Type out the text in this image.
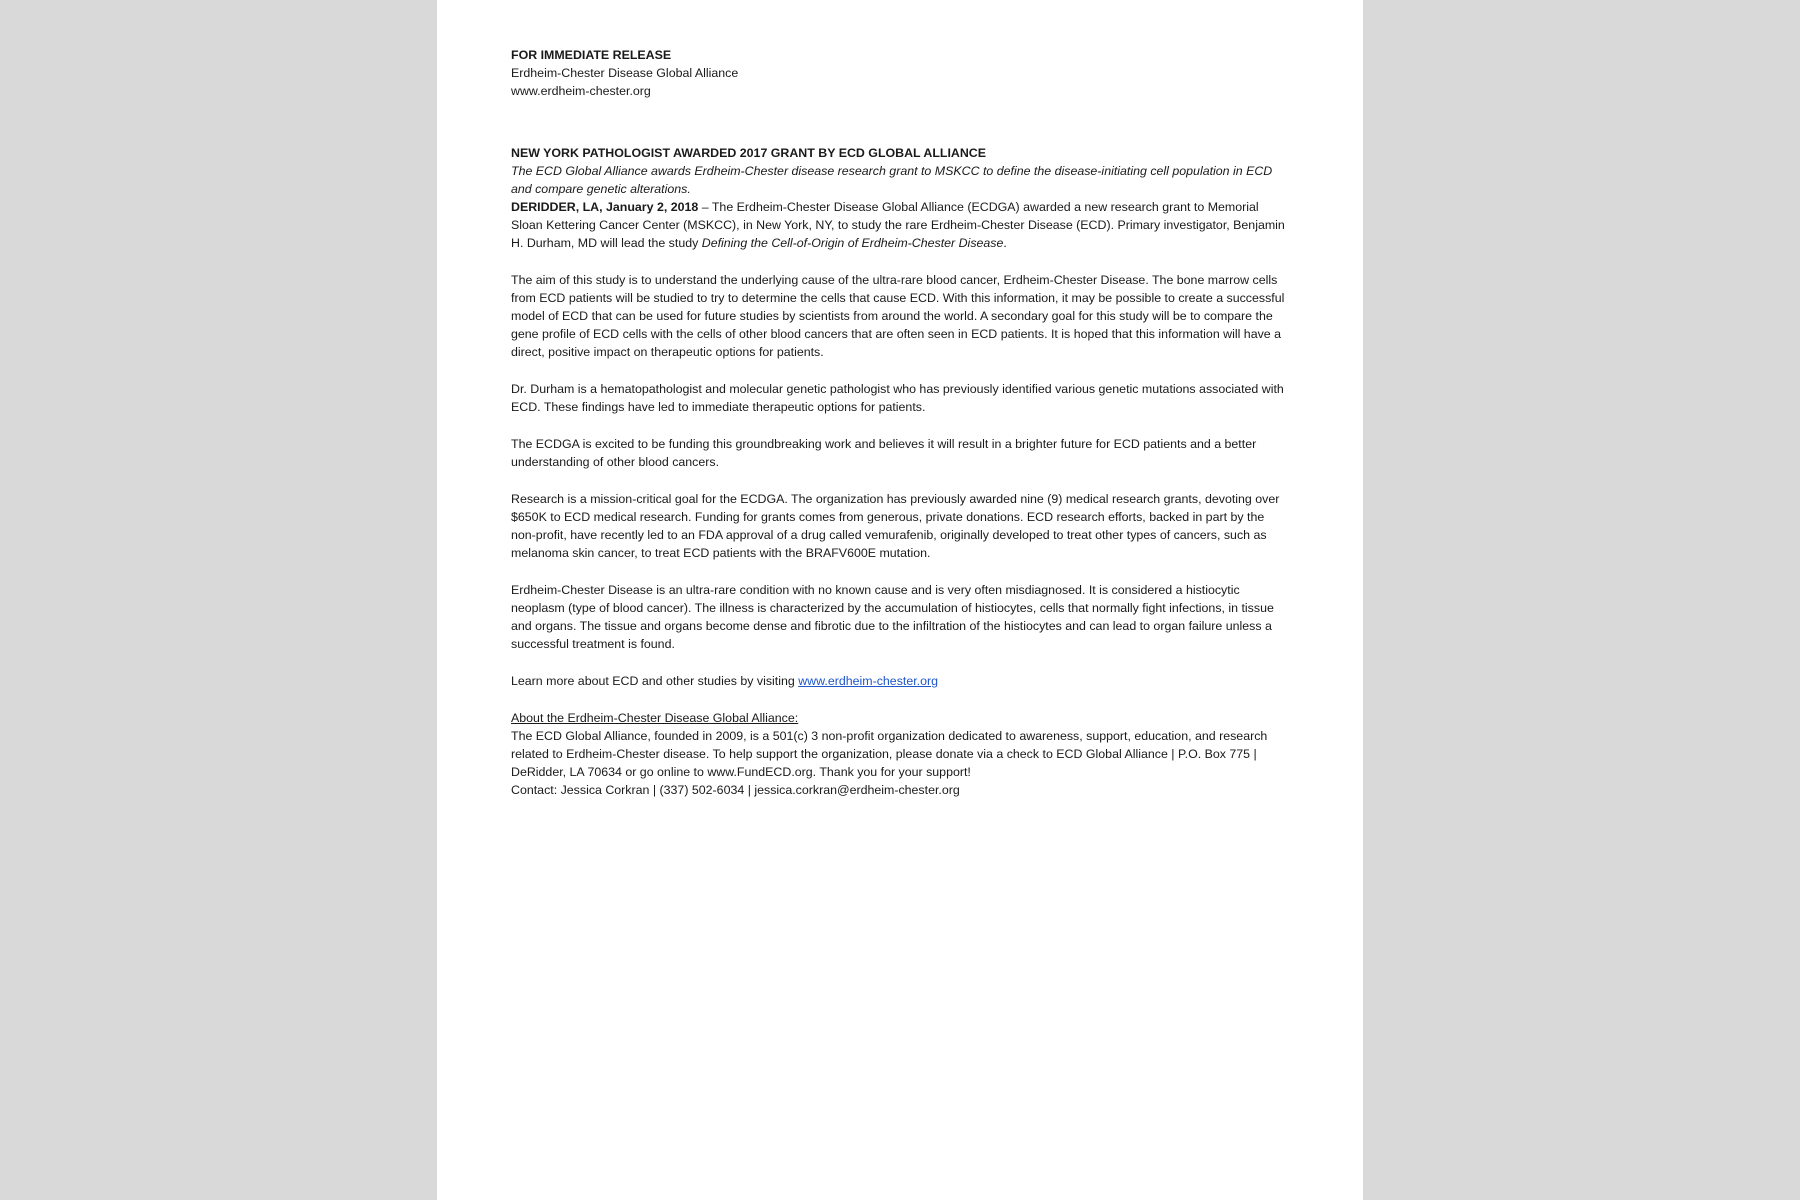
FOR IMMEDIATE RELEASE

Erdheim-Chester Disease Global Alliance

www.erdheim-chester.org

NEW YORK PATHOLOGIST AWARDED 2017 GRANT BY ECD GLOBAL ALLIANCE

The ECD Global Alliance awards Erdheim-Chester disease research grant to MSKCC to define the disease-initiating cell population in ECD and compare genetic alterations.

DERIDDER, LA, January 2, 2018 – The Erdheim-Chester Disease Global Alliance (ECDGA) awarded a new research grant to Memorial Sloan Kettering Cancer Center (MSKCC), in New York, NY, to study the rare Erdheim-Chester Disease (ECD). Primary investigator, Benjamin H. Durham, MD will lead the study Defining the Cell-of-Origin of Erdheim-Chester Disease.

The aim of this study is to understand the underlying cause of the ultra-rare blood cancer, Erdheim-Chester Disease. The bone marrow cells from ECD patients will be studied to try to determine the cells that cause ECD. With this information, it may be possible to create a successful model of ECD that can be used for future studies by scientists from around the world. A secondary goal for this study will be to compare the gene profile of ECD cells with the cells of other blood cancers that are often seen in ECD patients. It is hoped that this information will have a direct, positive impact on therapeutic options for patients.

Dr. Durham is a hematopathologist and molecular genetic pathologist who has previously identified various genetic mutations associated with ECD. These findings have led to immediate therapeutic options for patients.

The ECDGA is excited to be funding this groundbreaking work and believes it will result in a brighter future for ECD patients and a better understanding of other blood cancers.

Research is a mission-critical goal for the ECDGA. The organization has previously awarded nine (9) medical research grants, devoting over $650K to ECD medical research. Funding for grants comes from generous, private donations. ECD research efforts, backed in part by the non-profit, have recently led to an FDA approval of a drug called vemurafenib, originally developed to treat other types of cancers, such as melanoma skin cancer, to treat ECD patients with the BRAFV600E mutation.

Erdheim-Chester Disease is an ultra-rare condition with no known cause and is very often misdiagnosed. It is considered a histiocytic neoplasm (type of blood cancer). The illness is characterized by the accumulation of histiocytes, cells that normally fight infections, in tissue and organs. The tissue and organs become dense and fibrotic due to the infiltration of the histiocytes and can lead to organ failure unless a successful treatment is found.

Learn more about ECD and other studies by visiting www.erdheim-chester.org

About the Erdheim-Chester Disease Global Alliance:

The ECD Global Alliance, founded in 2009, is a 501(c) 3 non-profit organization dedicated to awareness, support, education, and research related to Erdheim-Chester disease. To help support the organization, please donate via a check to ECD Global Alliance | P.O. Box 775 | DeRidder, LA 70634 or go online to www.FundECD.org. Thank you for your support!

Contact: Jessica Corkran | (337) 502-6034 | jessica.corkran@erdheim-chester.org
